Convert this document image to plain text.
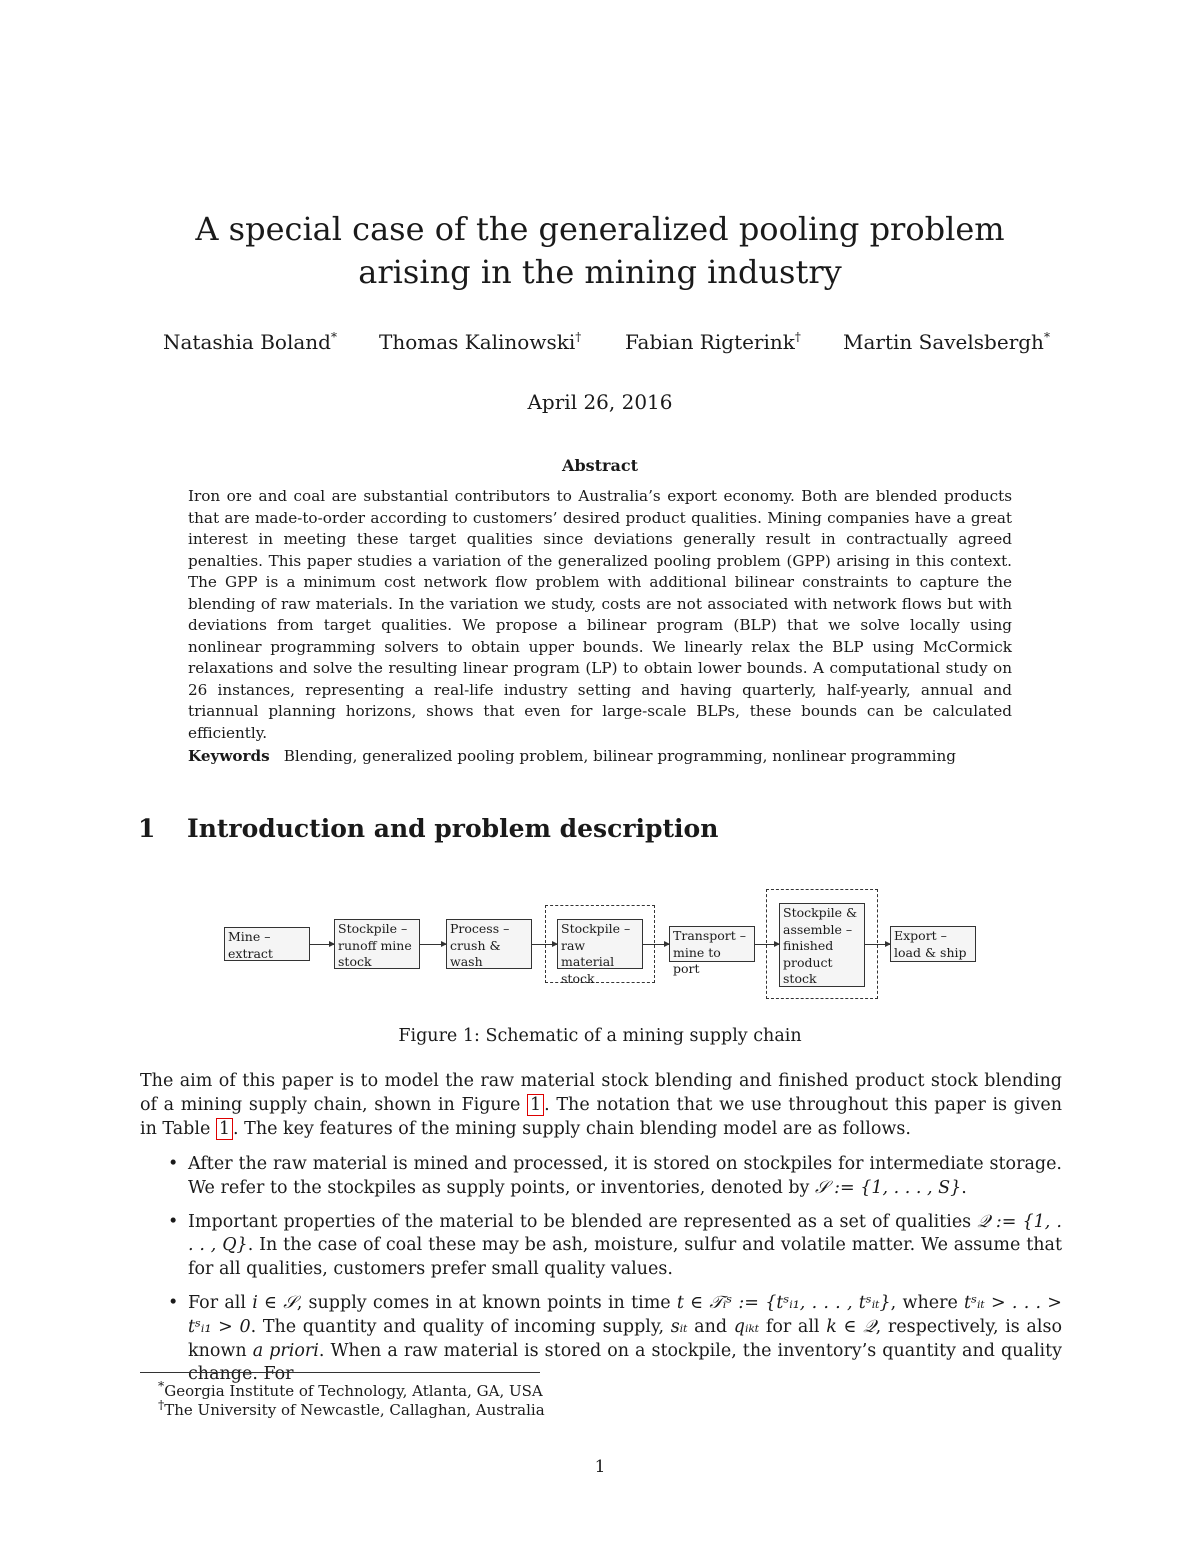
A special case of the generalized pooling problem
arising in the mining industry
Natashia Boland* Thomas Kalinowski† Fabian Rigterink† Martin Savelsbergh*
April 26, 2016
Abstract

Iron ore and coal are substantial contributors to Australia’s export economy. Both are blended products that are made-to-order according to customers’ desired product qualities. Mining companies have a great interest in meeting these target qualities since deviations generally result in contractually agreed penalties. This paper studies a variation of the generalized pooling problem (GPP) arising in this context. The GPP is a minimum cost network flow problem with additional bilinear constraints to capture the blending of raw materials. In the variation we study, costs are not associated with network flows but with deviations from target qualities. We propose a bilinear program (BLP) that we solve locally using nonlinear programming solvers to obtain upper bounds. We linearly relax the BLP using McCormick relaxations and solve the resulting linear program (LP) to obtain lower bounds. A computational study on 26 instances, representing a real-life industry setting and having quarterly, half-yearly, annual and triannual planning horizons, shows that even for large-scale BLPs, these bounds can be calculated efficiently.

Keywords Blending, generalized pooling problem, bilinear programming, nonlinear programming
1 Introduction and problem description
Mine –
extract
Stockpile –
runoff mine
stock
Process –
crush &
wash
Stockpile –
raw material
stock
Transport –
mine to port
Stockpile &
assemble –
finished
product
stock
Export –
load & ship
Figure 1: Schematic of a mining supply chain

The aim of this paper is to model the raw material stock blending and finished product stock blending of a mining supply chain, shown in Figure 1 . The notation that we use throughout this paper is given in Table 1 . The key features of the mining supply chain blending model are as follows.

• After the raw material is mined and processed, it is stored on stockpiles for intermediate storage. We refer to the stockpiles as supply points, or inventories, denoted by 𝒮 := {1, . . . , S}.
• Important properties of the material to be blended are represented as a set of qualities 𝒬 := {1, . . . , Q}. In the case of coal these may be ash, moisture, sulfur and volatile matter. We assume that for all qualities, customers prefer small quality values.
• For all i ∈ 𝒮, supply comes in at known points in time t ∈ 𝒯ᵢˢ := {tˢᵢ₁, . . . , tˢᵢₜ}, where tˢᵢₜ > . . . > tˢᵢ₁ > 0. The quantity and quality of incoming supply, sᵢₜ and qᵢₖₜ for all k ∈ 𝒬, respectively, is also known a priori. When a raw material is stored on a stockpile, the inventory’s quantity and quality change. For
*Georgia Institute of Technology, Atlanta, GA, USA
†The University of Newcastle, Callaghan, Australia
1
